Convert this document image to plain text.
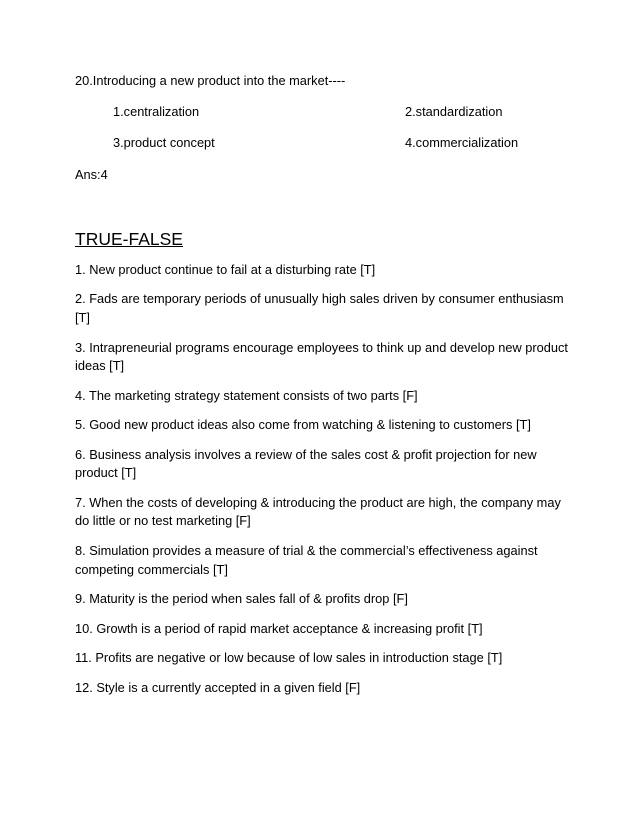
20.Introducing a new product into the market----
1.centralization	2.standardization
3.product concept	4.commercialization
Ans:4
TRUE-FALSE
1. New product continue to fail at a disturbing rate [T]
2. Fads are temporary periods of unusually high sales driven by consumer enthusiasm [T]
3. Intrapreneurial programs encourage employees to think up and develop new product ideas [T]
4. The marketing strategy statement consists of two parts [F]
5. Good new product ideas also come from watching & listening to customers [T]
6. Business analysis involves a review of the sales cost & profit projection for new product [T]
7. When the costs of developing & introducing the product are high, the company may do little or no test marketing [F]
8. Simulation provides a measure of trial & the commercial’s effectiveness against competing commercials [T]
9. Maturity is the period when sales fall of & profits drop [F]
10. Growth is a period of rapid market acceptance & increasing profit [T]
11. Profits are negative or low because of low sales in introduction stage [T]
12. Style is a currently accepted in a given field [F]
